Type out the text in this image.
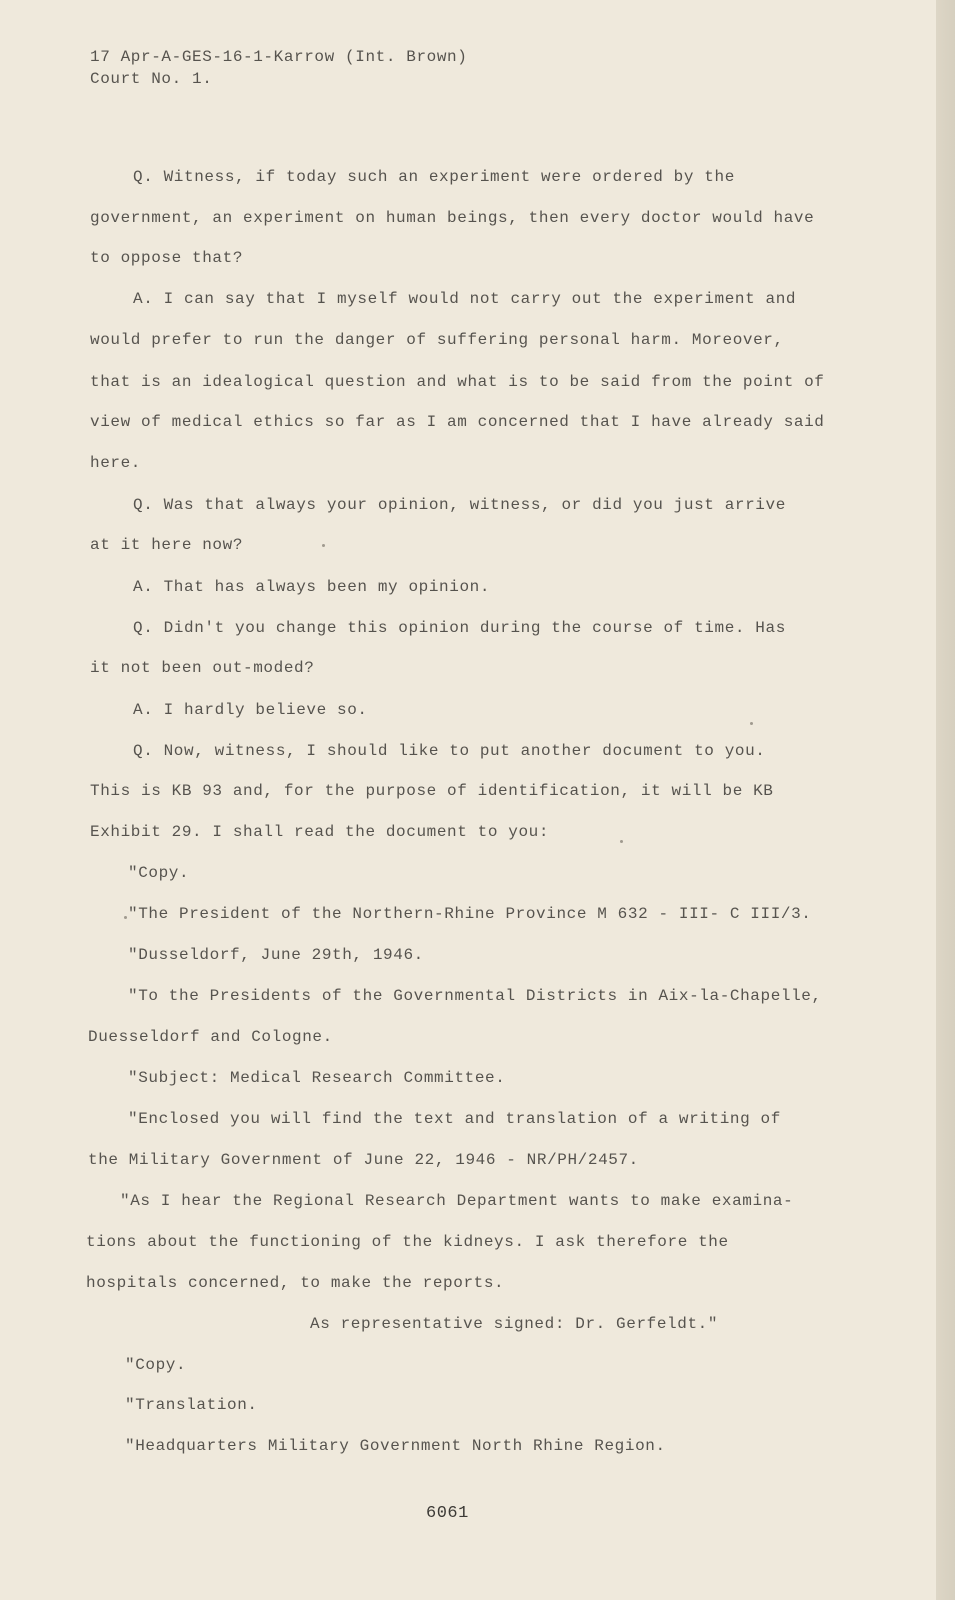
17 Apr-A-GES-16-1-Karrow (Int. Brown)
Court No. 1.
Q. Witness, if today such an experiment were ordered by the
government, an experiment on human beings, then every doctor would have
to oppose that?
A. I can say that I myself would not carry out the experiment and
would prefer to run the danger of suffering personal harm. Moreover,
that is an idealogical question and what is to be said from the point of
view of medical ethics so far as I am concerned that I have already said
here.
Q. Was that always your opinion, witness, or did you just arrive
at it here now?
A. That has always been my opinion.
Q. Didn't you change this opinion during the course of time. Has
it not been out-moded?
A. I hardly believe so.
Q. Now, witness, I should like to put another document to you.
This is KB 93 and, for the purpose of identification, it will be KB
Exhibit 29. I shall read the document to you:
"Copy.
"The President of the Northern-Rhine Province M 632 - III- C III/3.
"Dusseldorf, June 29th, 1946.
"To the Presidents of the Governmental Districts in Aix-la-Chapelle,
Duesseldorf and Cologne.
"Subject: Medical Research Committee.
"Enclosed you will find the text and translation of a writing of
the Military Government of June 22, 1946 - NR/PH/2457.
"As I hear the Regional Research Department wants to make examina-
tions about the functioning of the kidneys. I ask therefore the
hospitals concerned, to make the reports.
As representative signed: Dr. Gerfeldt."
"Copy.
"Translation.
"Headquarters Military Government North Rhine Region.
6061
